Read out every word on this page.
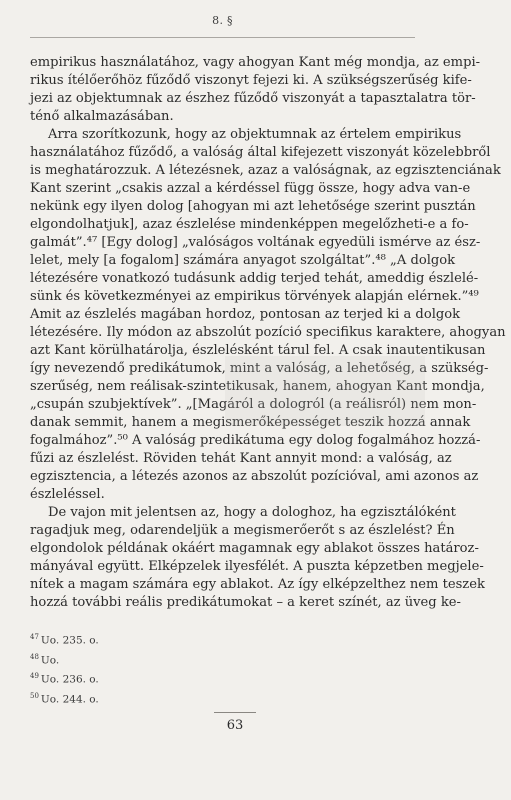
8. §
empirikus használatához, vagy ahogyan Kant még mondja, az empi-
rikus ítélőerőhöz fűződő viszonyt fejezi ki. A szükségszerűség kife-
jezi az objektumnak az észhez fűződő viszonyát a tapasztalatra tör-
ténő alkalmazásában.
Arra szorítkozunk, hogy az objektumnak az értelem empirikus
használatához fűződő, a valóság által kifejezett viszonyát közelebbről
is meghatározzuk. A létezésnek, azaz a valóságnak, az egzisztenciának
Kant szerint „csakis azzal a kérdéssel függ össze, hogy adva van-e
nekünk egy ilyen dolog [ahogyan mi azt lehetősége szerint pusztán
elgondolhatjuk], azaz észlelése mindenképpen megelőzheti-e a fo-
galmát”.⁴⁷ [Egy dolog] „valóságos voltának egyedüli ismérve az ész-
lelet, mely [a fogalom] számára anyagot szolgáltat”.⁴⁸ „A dolgok
létezésére vonatkozó tudásunk addig terjed tehát, ameddig észlelé-
sünk és következményei az empirikus törvények alapján elérnek.”⁴⁹
Amit az észlelés magában hordoz, pontosan az terjed ki a dolgok
létezésére. Ily módon az abszolút pozíció specifikus karaktere, ahogyan
azt Kant körülhatárolja, észlelésként tárul fel. A csak inautentikusan
így nevezendő predikátumok, mint a valóság, a lehetőség, a szükség-
szerűség, nem reálisak-szintetikusak, hanem, ahogyan Kant mondja,
„csupán szubjektívek”. „[Magáról a dologról (a reálisról) nem mon-
danak semmit, hanem a megismerőképességet teszik hozzá annak
fogalmához”.⁵⁰ A valóság predikátuma egy dolog fogalmához hozzá-
fűzi az észlelést. Röviden tehát Kant annyit mond: a valóság, az
egzisztencia, a létezés azonos az abszolút pozícióval, ami azonos az
észleléssel.
De vajon mit jelentsen az, hogy a dologhoz, ha egzisztálóként
ragadjuk meg, odarendeljük a megismerőerőt s az észlelést? Én
elgondolok példának okáért magamnak egy ablakot összes határoz-
mányával együtt. Elképzelek ilyesfélét. A puszta képzetben megjele-
nítek a magam számára egy ablakot. Az így elképzelthez nem teszek
hozzá további reális predikátumokat – a keret színét, az üveg ke-
$^{47}$ Uo. 235. o.
$^{48}$ Uo.
$^{49}$ Uo. 236. o.
$^{50}$ Uo. 244. o.
63
